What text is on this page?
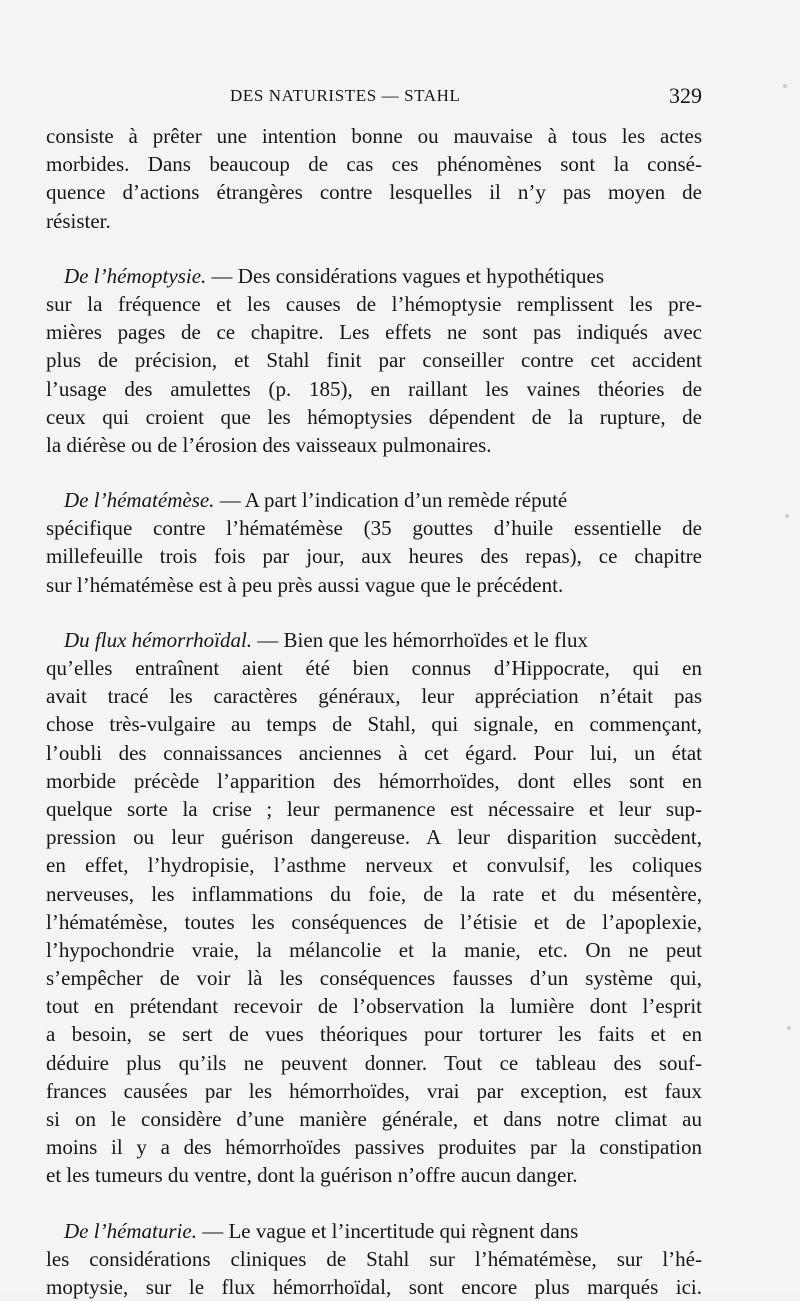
DES NATURISTES — STAHL	329
consiste à prêter une intention bonne ou mauvaise à tous les actes
morbides. Dans beaucoup de cas ces phénomènes sont la consé-
quence d’actions étrangères contre lesquelles il n’y pas moyen de
résister.
De l’hémoptysie. — Des considérations vagues et hypothétiques
sur la fréquence et les causes de l’hémoptysie remplissent les pre-
mières pages de ce chapitre. Les effets ne sont pas indiqués avec
plus de précision, et Stahl finit par conseiller contre cet accident
l’usage des amulettes (p. 185), en raillant les vaines théories de
ceux qui croient que les hémoptysies dépendent de la rupture, de
la diérèse ou de l’érosion des vaisseaux pulmonaires.
De l’hématémèse. — A part l’indication d’un remède réputé
spécifique contre l’hématémèse (35 gouttes d’huile essentielle de
millefeuille trois fois par jour, aux heures des repas), ce chapitre
sur l’hématémèse est à peu près aussi vague que le précédent.
Du flux hémorrhoïdal. — Bien que les hémorrhoïdes et le flux
qu’elles entraînent aient été bien connus d’Hippocrate, qui en
avait tracé les caractères généraux, leur appréciation n’était pas
chose très-vulgaire au temps de Stahl, qui signale, en commençant,
l’oubli des connaissances anciennes à cet égard. Pour lui, un état
morbide précède l’apparition des hémorrhoïdes, dont elles sont en
quelque sorte la crise ; leur permanence est nécessaire et leur sup-
pression ou leur guérison dangereuse. A leur disparition succèdent,
en effet, l’hydropisie, l’asthme nerveux et convulsif, les coliques
nerveuses, les inflammations du foie, de la rate et du mésentère,
l’hématémèse, toutes les conséquences de l’étisie et de l’apoplexie,
l’hypochondrie vraie, la mélancolie et la manie, etc. On ne peut
s’empêcher de voir là les conséquences fausses d’un système qui,
tout en prétendant recevoir de l’observation la lumière dont l’esprit
a besoin, se sert de vues théoriques pour torturer les faits et en
déduire plus qu’ils ne peuvent donner. Tout ce tableau des souf-
frances causées par les hémorrhoïdes, vrai par exception, est faux
si on le considère d’une manière générale, et dans notre climat au
moins il y a des hémorrhoïdes passives produites par la constipation
et les tumeurs du ventre, dont la guérison n’offre aucun danger.
De l’hématurie. — Le vague et l’incertitude qui règnent dans
les considérations cliniques de Stahl sur l’hématémèse, sur l’hé-
moptysie, sur le flux hémorrhoïdal, sont encore plus marqués ici.
